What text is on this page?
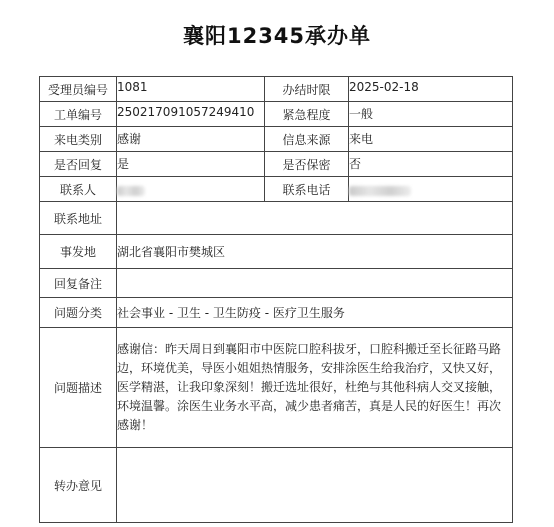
襄阳12345承办单
受理员编号	1081	办结时限	2025-02-18
工单编号	250217091057249410	紧急程度	一般
来电类别	感谢	信息来源	来电
是否回复	是	是否保密	否
联系人		联系电话	
联系地址			
事发地	湖北省襄阳市樊城区		
回复备注			
问题分类	社会事业 - 卫生 - 卫生防疫 - 医疗卫生服务		
问题描述	感谢信：昨天周日到襄阳市中医院口腔科拔牙，口腔科搬迁至长征路马路边，环境优美，导医小姐姐热情服务，安排涂医生给我治疗，又快又好，医学精湛，让我印象深刻！搬迁选址很好，杜绝与其他科病人交叉接触，环境温馨。涂医生业务水平高，减少患者痛苦，真是人民的好医生！再次感谢！		
转办意见			
